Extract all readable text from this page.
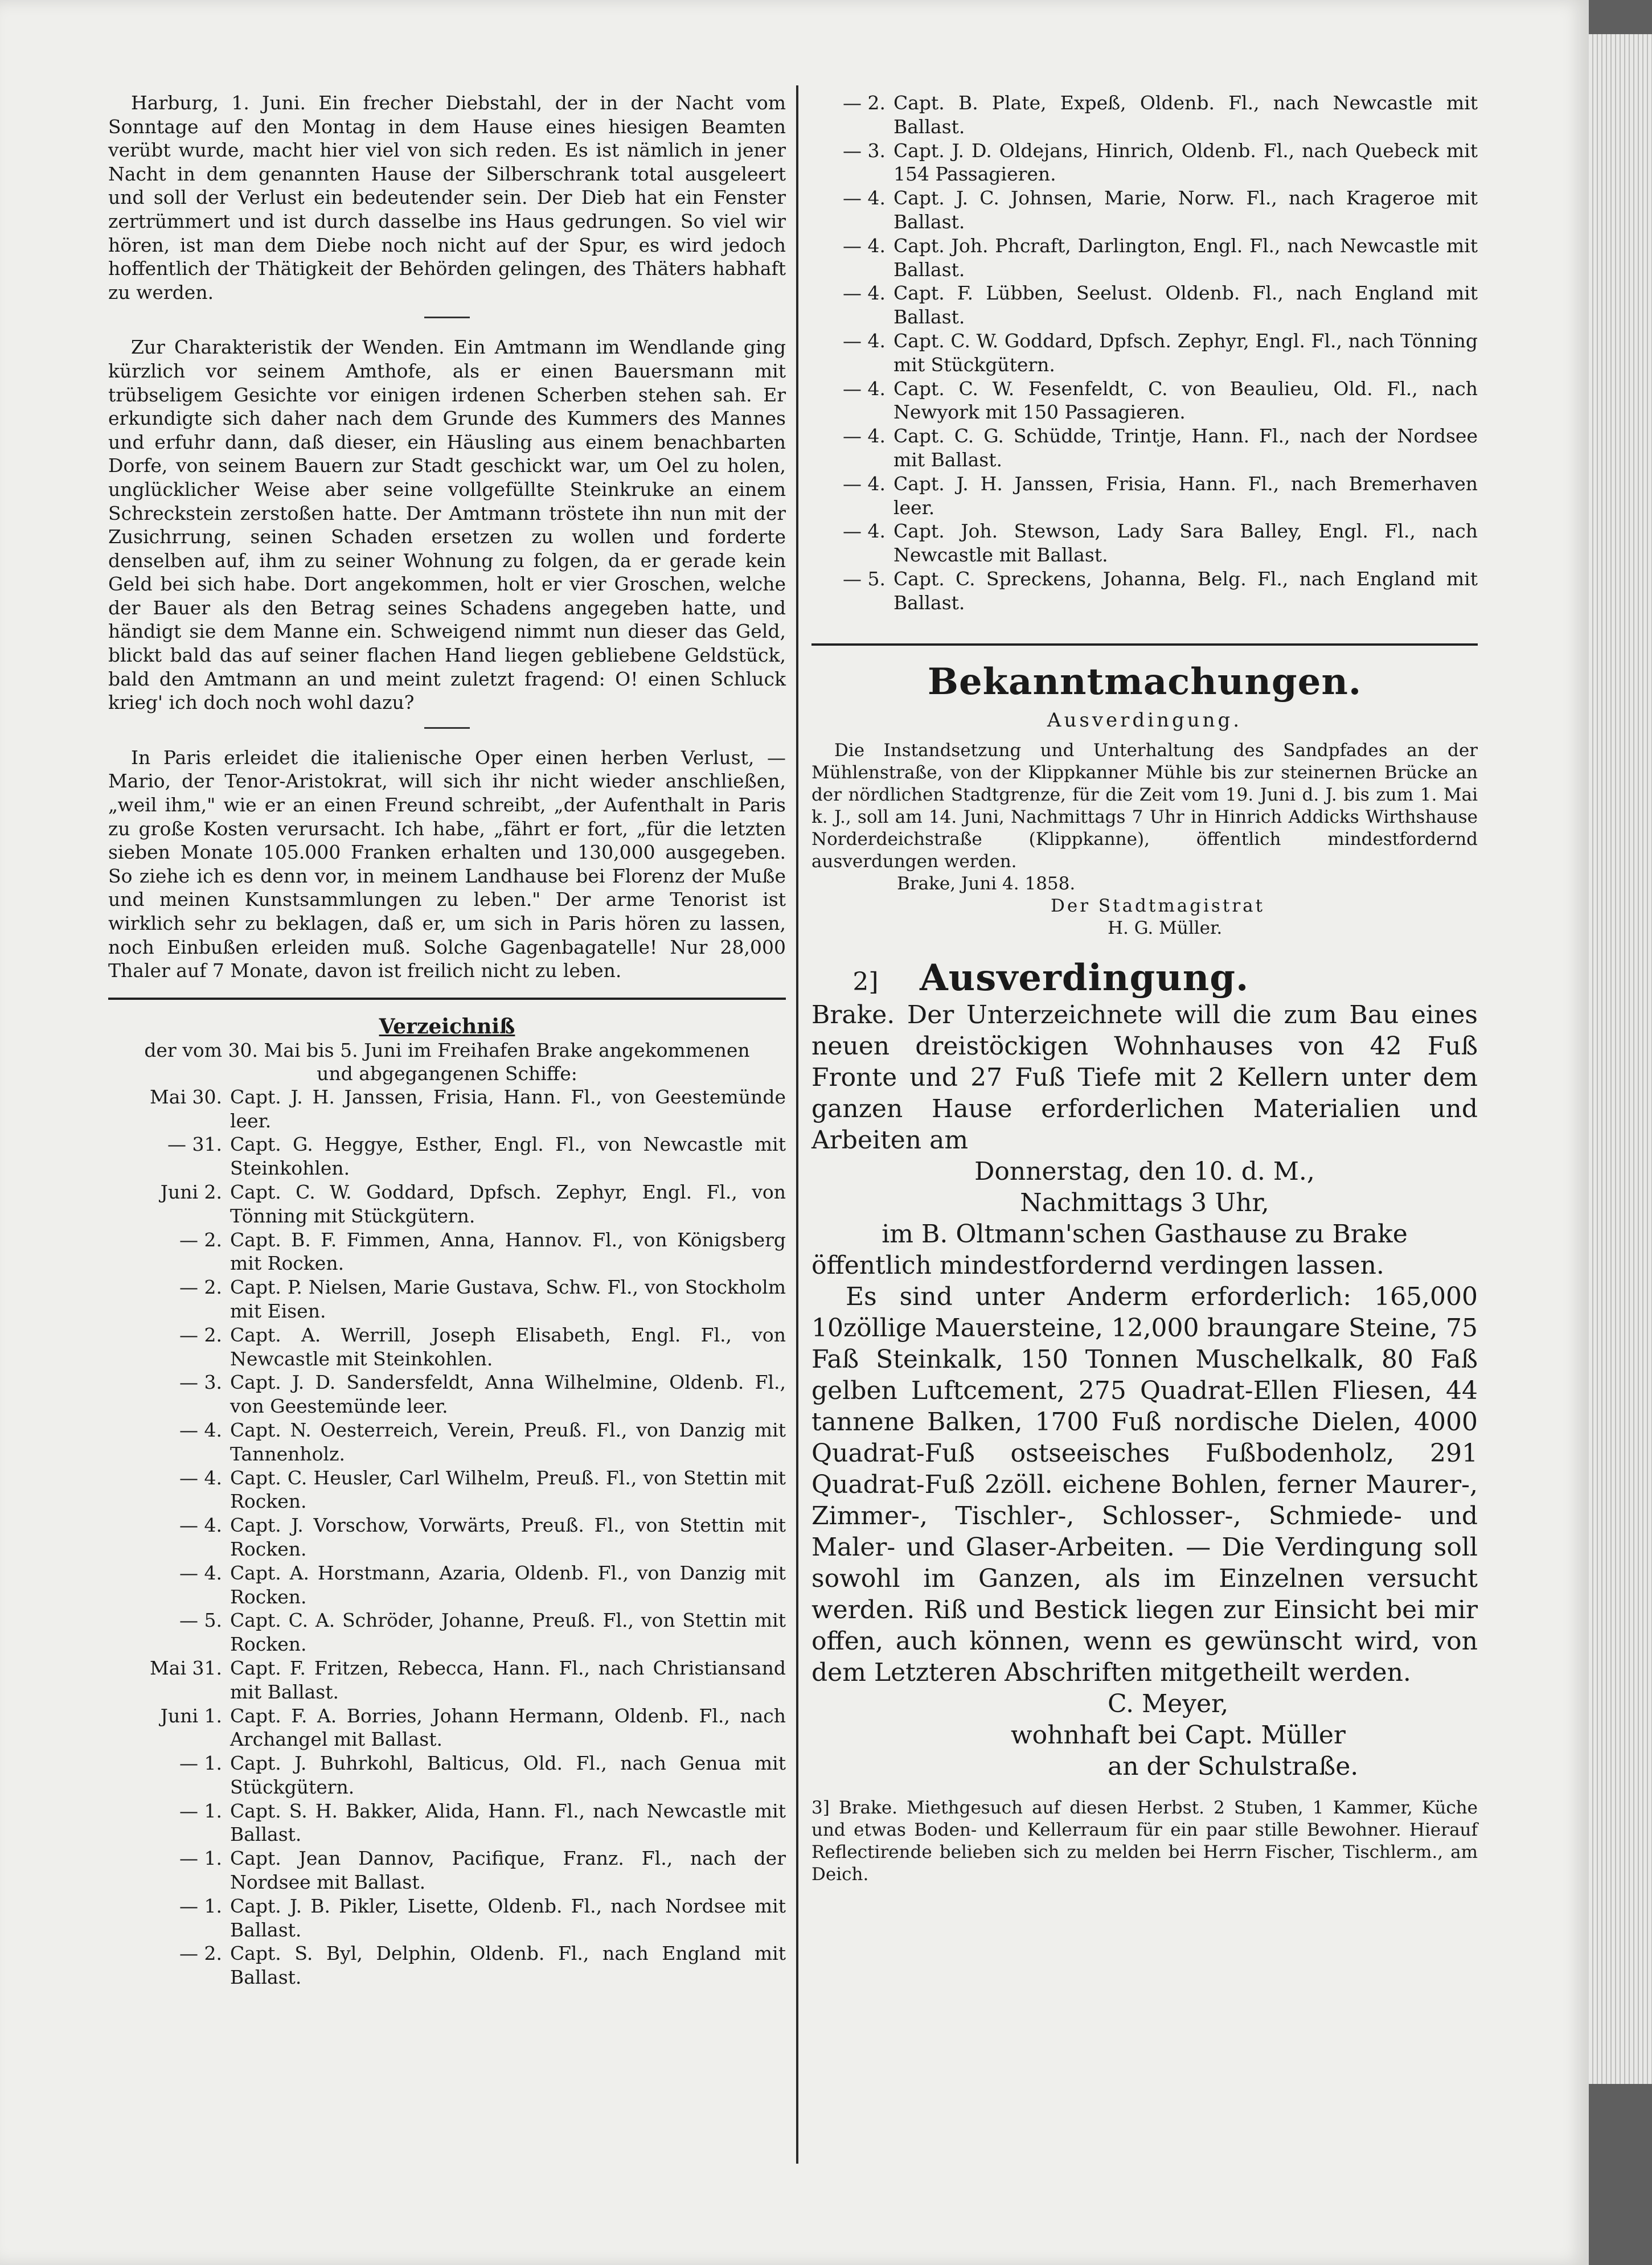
Harburg, 1. Juni. Ein frecher Diebstahl, der in der Nacht vom Sonntage auf den Montag in dem Hause eines hiesigen Beamten verübt wurde, macht hier viel von sich reden. Es ist nämlich in jener Nacht in dem genannten Hause der Silberschrank total ausgeleert und soll der Verlust ein bedeutender sein. Der Dieb hat ein Fenster zertrümmert und ist durch dasselbe ins Haus gedrungen. So viel wir hören, ist man dem Diebe noch nicht auf der Spur, es wird jedoch hoffentlich der Thätigkeit der Behörden gelingen, des Thäters habhaft zu werden.

Zur Charakteristik der Wenden. Ein Amtmann im Wendlande ging kürzlich vor seinem Amthofe, als er einen Bauersmann mit trübseligem Gesichte vor einigen irdenen Scherben stehen sah. Er erkundigte sich daher nach dem Grunde des Kummers des Mannes und erfuhr dann, daß dieser, ein Häusling aus einem benachbarten Dorfe, von seinem Bauern zur Stadt geschickt war, um Oel zu holen, unglücklicher Weise aber seine vollgefüllte Steinkruke an einem Schreckstein zerstoßen hatte. Der Amtmann tröstete ihn nun mit der Zusichrrung, seinen Schaden ersetzen zu wollen und forderte denselben auf, ihm zu seiner Wohnung zu folgen, da er gerade kein Geld bei sich habe. Dort angekommen, holt er vier Groschen, welche der Bauer als den Betrag seines Schadens angegeben hatte, und händigt sie dem Manne ein. Schweigend nimmt nun dieser das Geld, blickt bald das auf seiner flachen Hand liegen gebliebene Geldstück, bald den Amtmann an und meint zuletzt fragend: O! einen Schluck krieg' ich doch noch wohl dazu?

In Paris erleidet die italienische Oper einen herben Verlust, — Mario, der Tenor-Aristokrat, will sich ihr nicht wieder anschließen, „weil ihm," wie er an einen Freund schreibt, „der Aufenthalt in Paris zu große Kosten verursacht. Ich habe, „fährt er fort, „für die letzten sieben Monate 105.000 Franken erhalten und 130,000 ausgegeben. So ziehe ich es denn vor, in meinem Landhause bei Florenz der Muße und meinen Kunstsammlungen zu leben." Der arme Tenorist ist wirklich sehr zu beklagen, daß er, um sich in Paris hören zu lassen, noch Einbußen erleiden muß. Solche Gagenbagatelle! Nur 28,000 Thaler auf 7 Monate, davon ist freilich nicht zu leben.

Verzeichniß
der vom 30. Mai bis 5. Juni im Freihafen Brake angekommenen
und abgegangenen Schiffe:
Mai 30. Capt. J. H. Janssen, Frisia, Hann. Fl., von Geestemünde leer.
— 31. Capt. G. Heggye, Esther, Engl. Fl., von Newcastle mit Steinkohlen.
Juni 2. Capt. C. W. Goddard, Dpfsch. Zephyr, Engl. Fl., von Tönning mit Stückgütern.
— 2. Capt. B. F. Fimmen, Anna, Hannov. Fl., von Königsberg mit Rocken.
— 2. Capt. P. Nielsen, Marie Gustava, Schw. Fl., von Stockholm mit Eisen.
— 2. Capt. A. Werrill, Joseph Elisabeth, Engl. Fl., von Newcastle mit Steinkohlen.
— 3. Capt. J. D. Sandersfeldt, Anna Wilhelmine, Oldenb. Fl., von Geestemünde leer.
— 4. Capt. N. Oesterreich, Verein, Preuß. Fl., von Danzig mit Tannenholz.
— 4. Capt. C. Heusler, Carl Wilhelm, Preuß. Fl., von Stettin mit Rocken.
— 4. Capt. J. Vorschow, Vorwärts, Preuß. Fl., von Stettin mit Rocken.
— 4. Capt. A. Horstmann, Azaria, Oldenb. Fl., von Danzig mit Rocken.
— 5. Capt. C. A. Schröder, Johanne, Preuß. Fl., von Stettin mit Rocken.
Mai 31. Capt. F. Fritzen, Rebecca, Hann. Fl., nach Christiansand mit Ballast.
Juni 1. Capt. F. A. Borries, Johann Hermann, Oldenb. Fl., nach Archangel mit Ballast.
— 1. Capt. J. Buhrkohl, Balticus, Old. Fl., nach Genua mit Stückgütern.
— 1. Capt. S. H. Bakker, Alida, Hann. Fl., nach Newcastle mit Ballast.
— 1. Capt. Jean Dannov, Pacifique, Franz. Fl., nach der Nordsee mit Ballast.
— 1. Capt. J. B. Pikler, Lisette, Oldenb. Fl., nach Nordsee mit Ballast.
— 2. Capt. S. Byl, Delphin, Oldenb. Fl., nach England mit Ballast.
— 2. Capt. B. Plate, Expeß, Oldenb. Fl., nach Newcastle mit Ballast.
— 3. Capt. J. D. Oldejans, Hinrich, Oldenb. Fl., nach Quebeck mit 154 Passagieren.
— 4. Capt. J. C. Johnsen, Marie, Norw. Fl., nach Krageroe mit Ballast.
— 4. Capt. Joh. Phcraft, Darlington, Engl. Fl., nach Newcastle mit Ballast.
— 4. Capt. F. Lübben, Seelust. Oldenb. Fl., nach England mit Ballast.
— 4. Capt. C. W. Goddard, Dpfsch. Zephyr, Engl. Fl., nach Tönning mit Stückgütern.
— 4. Capt. C. W. Fesenfeldt, C. von Beaulieu, Old. Fl., nach Newyork mit 150 Passagieren.
— 4. Capt. C. G. Schüdde, Trintje, Hann. Fl., nach der Nordsee mit Ballast.
— 4. Capt. J. H. Janssen, Frisia, Hann. Fl., nach Bremerhaven leer.
— 4. Capt. Joh. Stewson, Lady Sara Balley, Engl. Fl., nach Newcastle mit Ballast.
— 5. Capt. C. Spreckens, Johanna, Belg. Fl., nach England mit Ballast.
Bekanntmachungen.
Ausverdingung.

Die Instandsetzung und Unterhaltung des Sandpfades an der Mühlenstraße, von der Klippkanner Mühle bis zur steinernen Brücke an der nördlichen Stadtgrenze, für die Zeit vom 19. Juni d. J. bis zum 1. Mai k. J., soll am 14. Juni, Nachmittags 7 Uhr in Hinrich Addicks Wirthshause Norderdeichstraße (Klippkanne), öffentlich mindestfordernd ausverdungen werden.

Brake, Juni 4. 1858.
Der Stadtmagistrat
H. G. Müller.
2]	Ausverdingung.

Brake. Der Unterzeichnete will die zum Bau eines neuen dreistöckigen Wohnhauses von 42 Fuß Fronte und 27 Fuß Tiefe mit 2 Kellern unter dem ganzen Hause erforderlichen Materialien und Arbeiten am

Donnerstag, den 10. d. M.,

Nachmittags 3 Uhr,

im B. Oltmann'schen Gasthause zu Brake

öffentlich mindestfordernd verdingen lassen.

Es sind unter Anderm erforderlich: 165,000 10zöllige Mauersteine, 12,000 braungare Steine, 75 Faß Steinkalk, 150 Tonnen Muschelkalk, 80 Faß gelben Luftcement, 275 Quadrat-Ellen Fliesen, 44 tannene Balken, 1700 Fuß nordische Dielen, 4000 Quadrat-Fuß ostseeisches Fußbodenholz, 291 Quadrat-Fuß 2zöll. eichene Bohlen, ferner Maurer-, Zimmer-, Tischler-, Schlosser-, Schmiede- und Maler- und Glaser-Arbeiten. — Die Verdingung soll sowohl im Ganzen, als im Einzelnen versucht werden. Riß und Bestick liegen zur Einsicht bei mir offen, auch können, wenn es gewünscht wird, von dem Letzteren Abschriften mitgetheilt werden.

C. Meyer,

wohnhaft bei Capt. Müller

an der Schulstraße.

3] Brake. Miethgesuch auf diesen Herbst. 2 Stuben, 1 Kammer, Küche und etwas Boden- und Kellerraum für ein paar stille Bewohner. Hierauf Reflectirende belieben sich zu melden bei Herrn Fischer, Tischlerm., am Deich.
